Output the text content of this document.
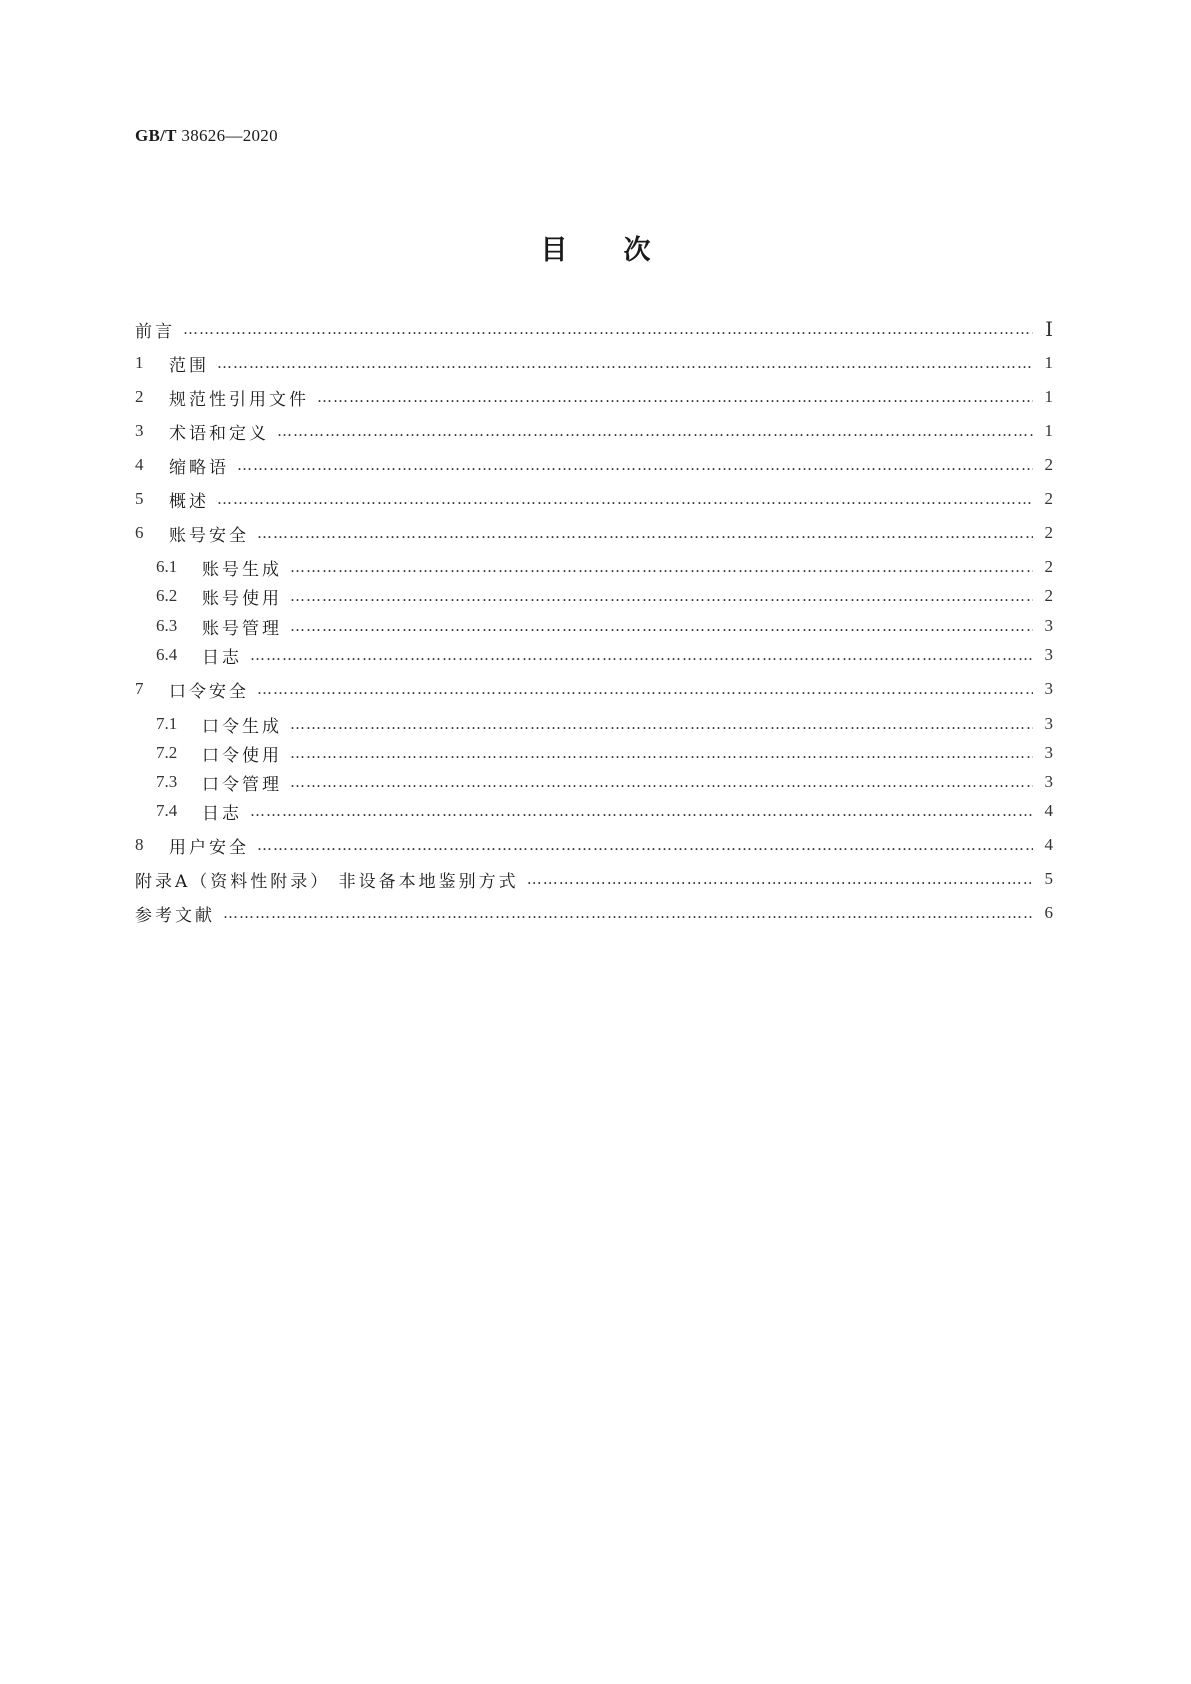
GB/T 38626—2020
目次
前言 …………………………………………………………………………………………………………………………………………………………………………………………………………………………	Ⅰ
1	范围 …………………………………………………………………………………………………………………………………………………………………………………………………………………………	1
2	规范性引用文件 …………………………………………………………………………………………………………………………………………………………………………………………………………………………	1
3	术语和定义 …………………………………………………………………………………………………………………………………………………………………………………………………………………………	1
4	缩略语 …………………………………………………………………………………………………………………………………………………………………………………………………………………………	2
5	概述 …………………………………………………………………………………………………………………………………………………………………………………………………………………………	2
6	账号安全 …………………………………………………………………………………………………………………………………………………………………………………………………………………………	2
6.1	账号生成 …………………………………………………………………………………………………………………………………………………………………………………………………………………………	2
6.2	账号使用 …………………………………………………………………………………………………………………………………………………………………………………………………………………………	2
6.3	账号管理 …………………………………………………………………………………………………………………………………………………………………………………………………………………………	3
6.4	日志 …………………………………………………………………………………………………………………………………………………………………………………………………………………………	3
7	口令安全 …………………………………………………………………………………………………………………………………………………………………………………………………………………………	3
7.1	口令生成 …………………………………………………………………………………………………………………………………………………………………………………………………………………………	3
7.2	口令使用 …………………………………………………………………………………………………………………………………………………………………………………………………………………………	3
7.3	口令管理 …………………………………………………………………………………………………………………………………………………………………………………………………………………………	3
7.4	日志 …………………………………………………………………………………………………………………………………………………………………………………………………………………………	4
8	用户安全 …………………………………………………………………………………………………………………………………………………………………………………………………………………………	4
附录A（资料性附录） 非设备本地鉴别方式 …………………………………………………………………………………………………………………………………………………………………………………………………………………………	5
参考文献 …………………………………………………………………………………………………………………………………………………………………………………………………………………………	6
